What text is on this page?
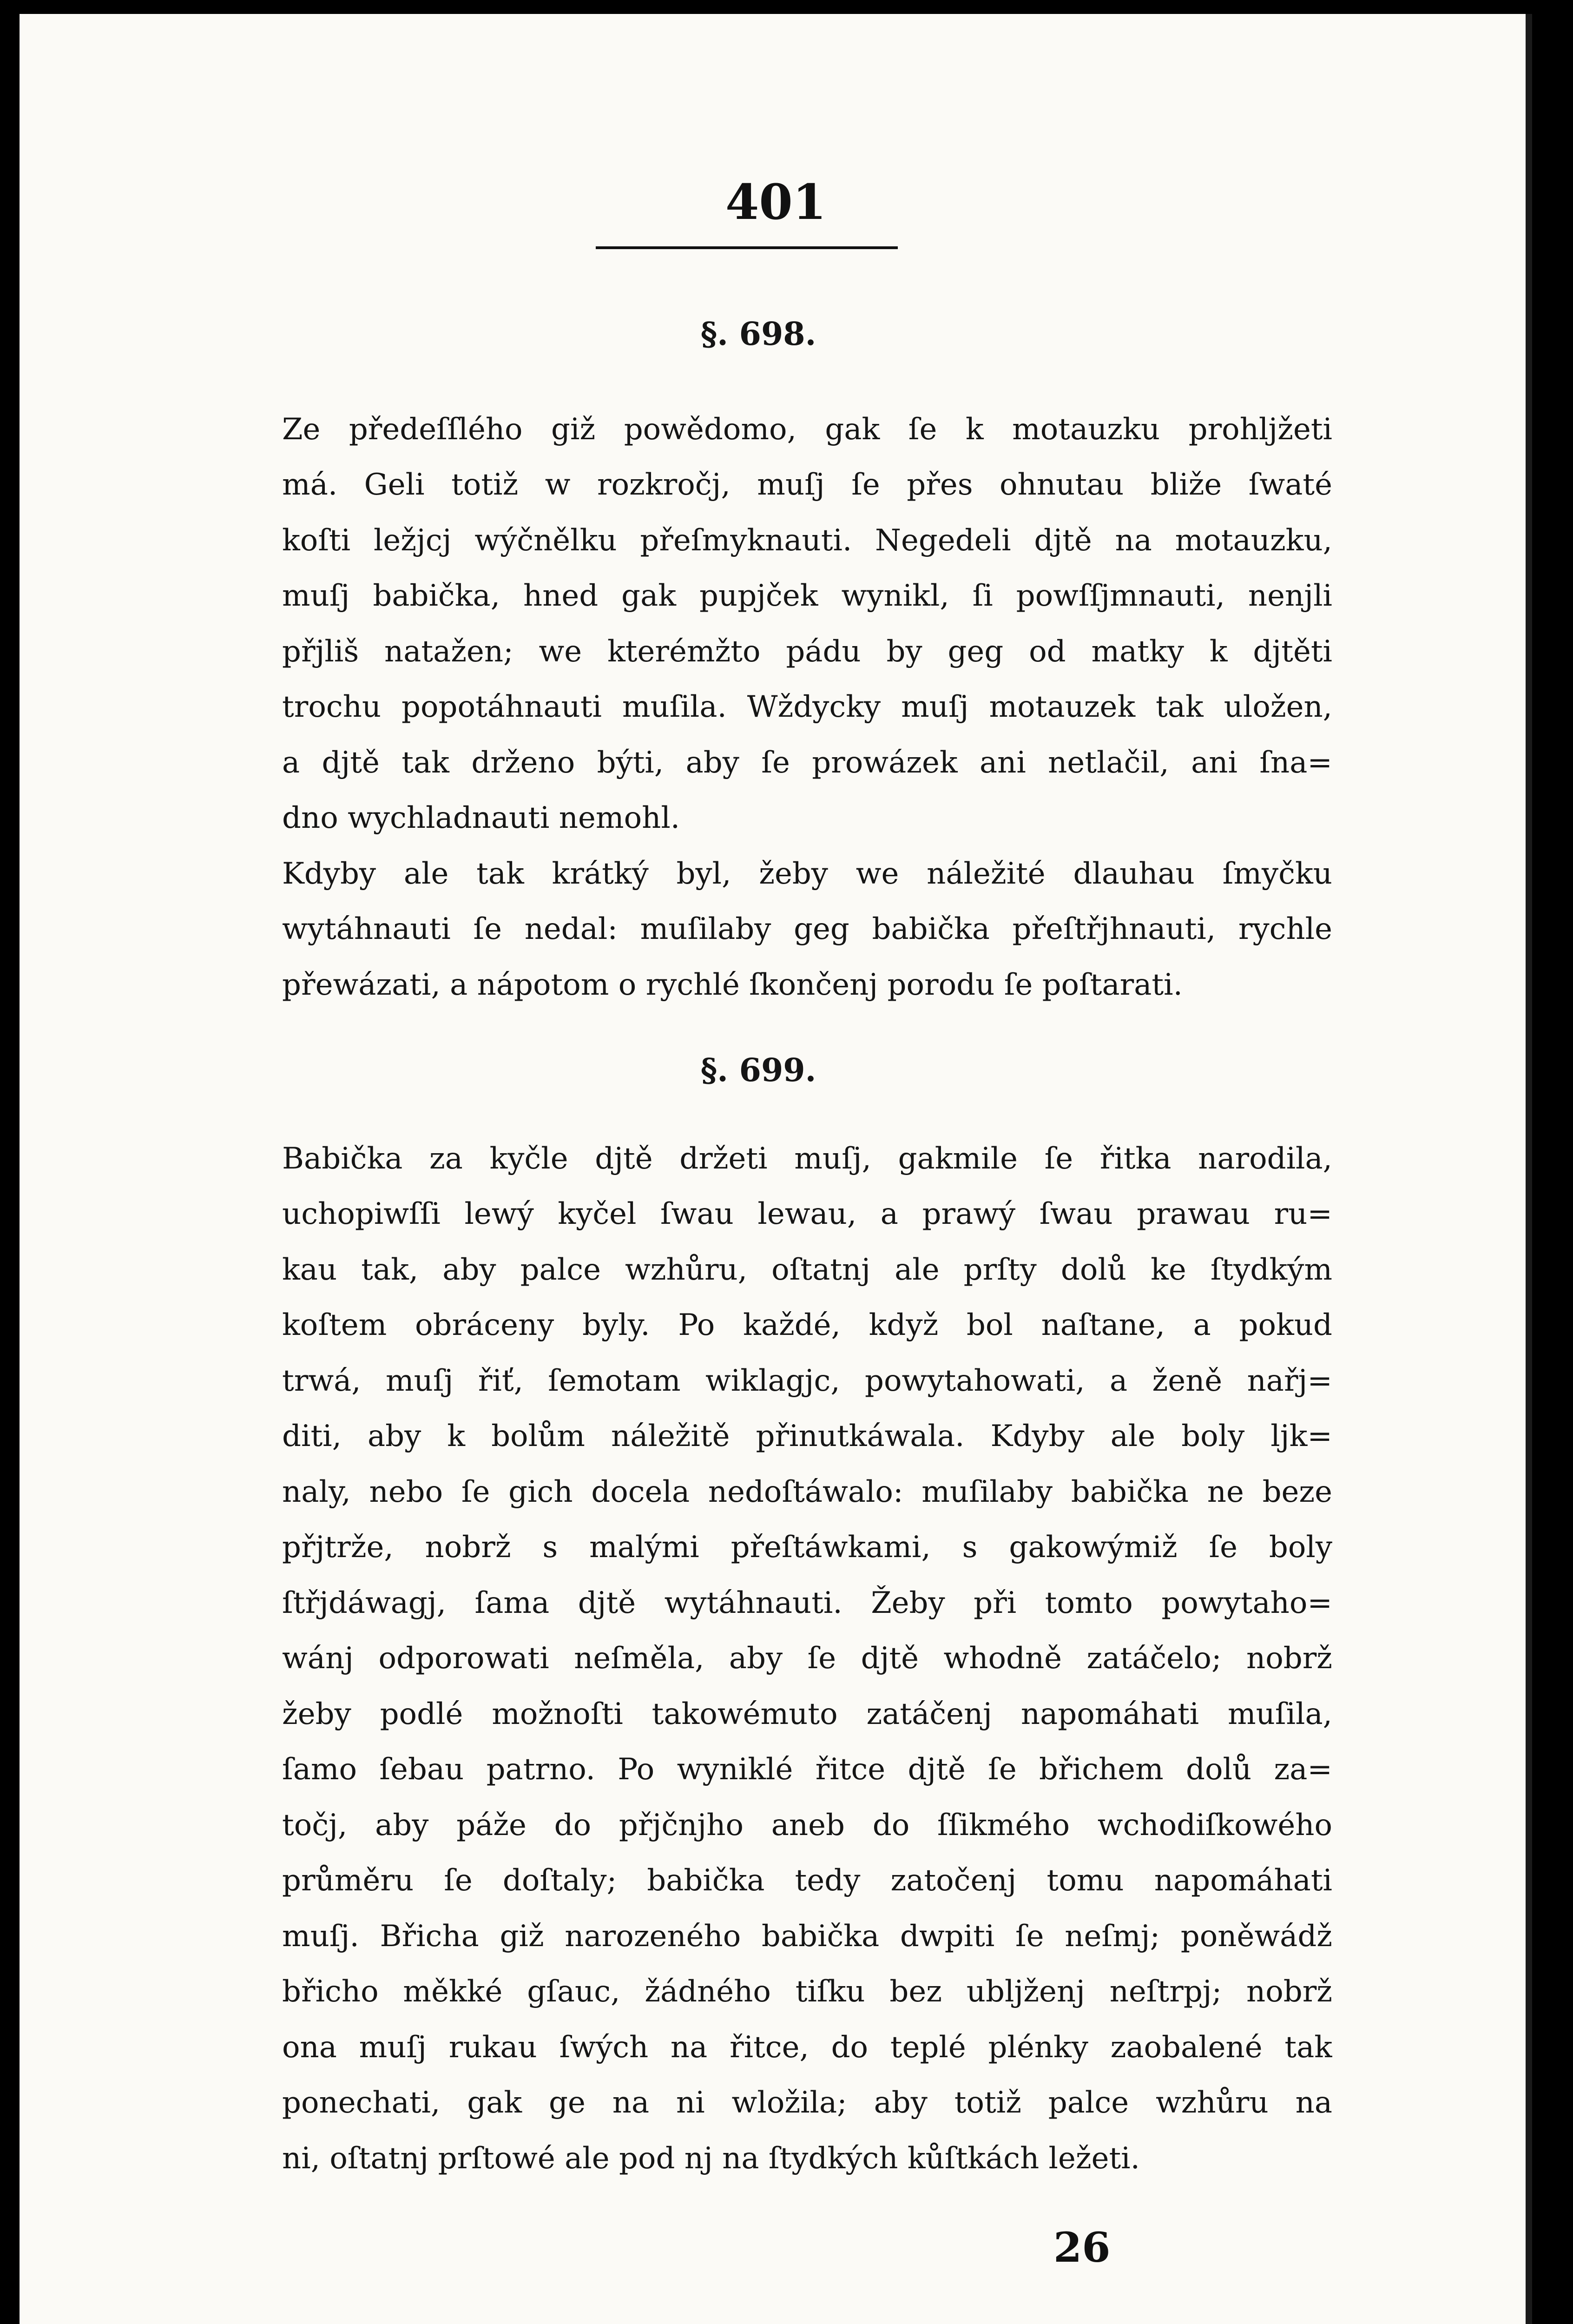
401
§. 698.

Ze předeſſlého giž powědomo, gak ſe k motauzku prohljžeti
má. Geli totiž w rozkročj, muſj ſe přes ohnutau bliže ſwaté
koſti ležjcj wýčnělku přeſmyknauti. Negedeli djtě na motauzku,
muſj babička, hned gak pupjček wynikl, ſi powſſjmnauti, nenjli
přjliš natažen; we kterémžto pádu by geg od matky k djtěti
trochu popotáhnauti muſila. Wždycky muſj motauzek tak uložen,
a djtě tak drženo býti, aby ſe prowázek ani netlačil, ani ſna=
dno wychladnauti nemohl.

Kdyby ale tak krátký byl, žeby we náležité dlauhau ſmyčku
wytáhnauti ſe nedal: muſilaby geg babička přeſtřjhnauti, rychle
přewázati, a nápotom o rychlé ſkončenj porodu ſe poſtarati.

§. 699.

Babička za kyčle djtě držeti muſj, gakmile ſe řitka narodila,
uchopiwſſi lewý kyčel ſwau lewau, a prawý ſwau prawau ru=
kau tak, aby palce wzhůru, oſtatnj ale prſty dolů ke ſtydkým
koſtem obráceny byly. Po každé, když bol naſtane, a pokud
trwá, muſj řiť, ſemotam wiklagjc, powytahowati, a ženě nařj=
diti, aby k bolům náležitě přinutkáwala. Kdyby ale boly ljk=
naly, nebo ſe gich docela nedoſtáwalo: muſilaby babička ne beze
přjtrže, nobrž s malými přeſtáwkami, s gakowýmiž ſe boly
ſtřjdáwagj, ſama djtě wytáhnauti. Žeby při tomto powytaho=
wánj odporowati neſměla, aby ſe djtě whodně zatáčelo; nobrž
žeby podlé možnoſti takowémuto zatáčenj napomáhati muſila,
ſamo ſebau patrno. Po wyniklé řitce djtě ſe břichem dolů za=
točj, aby páže do přjčnjho aneb do ſſikmého wchodiſkowého
průměru ſe doſtaly; babička tedy zatočenj tomu napomáhati
muſj. Břicha giž narozeného babička dwpiti ſe neſmj; poněwádž
břicho měkké gſauc, žádného tiſku bez ubljženj neſtrpj; nobrž
ona muſj rukau ſwých na řitce, do teplé plénky zaobalené tak
ponechati, gak ge na ni wložila; aby totiž palce wzhůru na
ni, oſtatnj prſtowé ale pod nj na ſtydkých kůſtkách ležeti.

26
